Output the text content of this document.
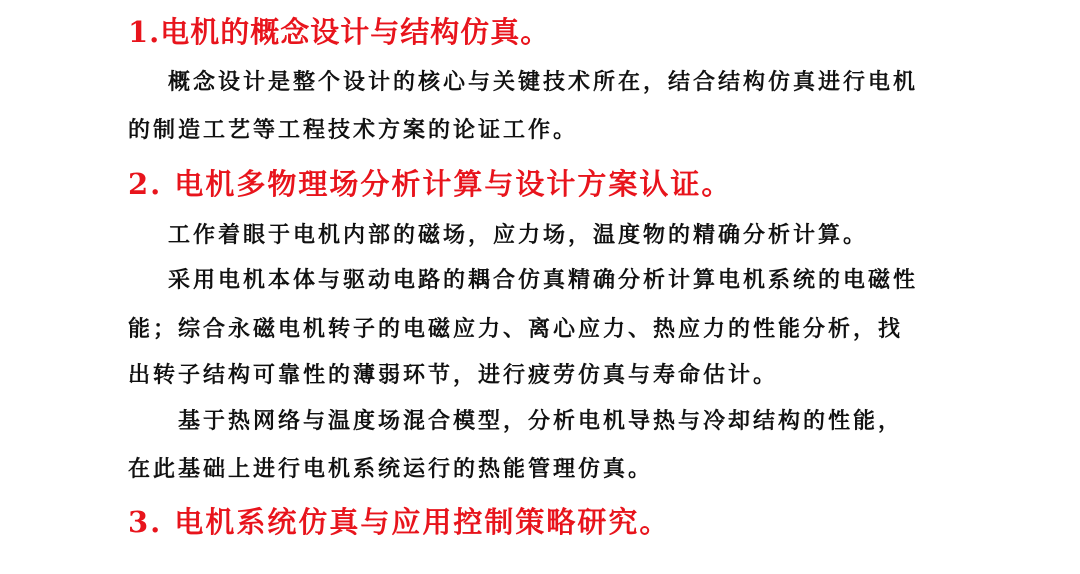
1.电机的概念设计与结构仿真。
概念设计是整个设计的核心与关键技术所在，结合结构仿真进行电机
的制造工艺等工程技术方案的论证工作。
2. 电机多物理场分析计算与设计方案认证。
工作着眼于电机内部的磁场，应力场，温度物的精确分析计算。
采用电机本体与驱动电路的耦合仿真精确分析计算电机系统的电磁性
能；综合永磁电机转子的电磁应力、离心应力、热应力的性能分析，找
出转子结构可靠性的薄弱环节，进行疲劳仿真与寿命估计。
基于热网络与温度场混合模型，分析电机导热与冷却结构的性能，
在此基础上进行电机系统运行的热能管理仿真。
3. 电机系统仿真与应用控制策略研究。
